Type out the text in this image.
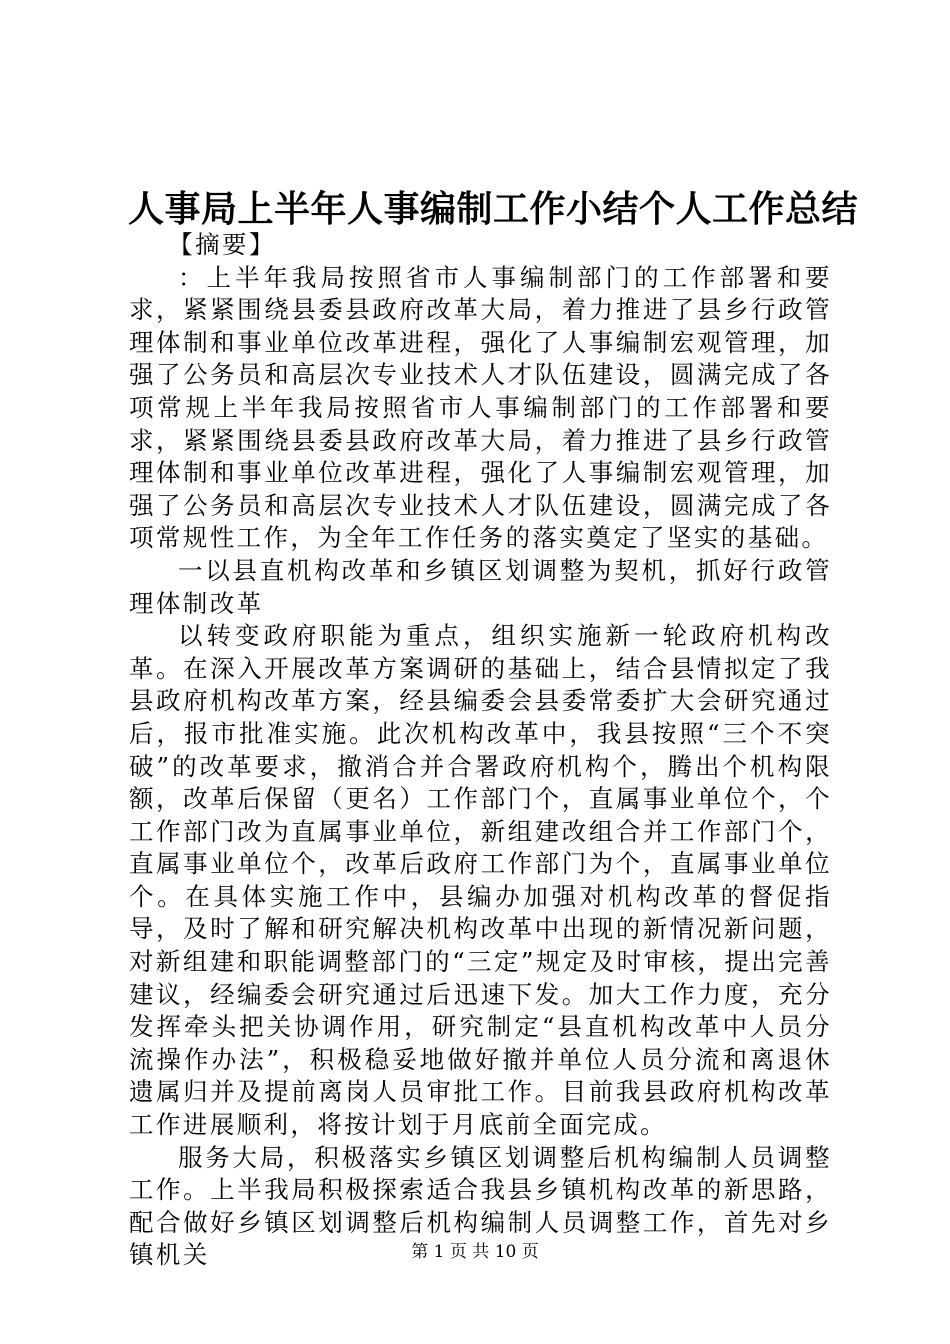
人事局上半年人事编制工作小结个人工作总结

【摘要】

：上半年我局按照省市人事编制部门的工作部署和要求，紧紧围绕县委县政府改革大局，着力推进了县乡行政管理体制和事业单位改革进程，强化了人事编制宏观管理，加强了公务员和高层次专业技术人才队伍建设，圆满完成了各项常规上半年我局按照省市人事编制部门的工作部署和要求，紧紧围绕县委县政府改革大局，着力推进了县乡行政管理体制和事业单位改革进程，强化了人事编制宏观管理，加强了公务员和高层次专业技术人才队伍建设，圆满完成了各项常规性工作，为全年工作任务的落实奠定了坚实的基础。

一以县直机构改革和乡镇区划调整为契机，抓好行政管理体制改革

以转变政府职能为重点，组织实施新一轮政府机构改革。在深入开展改革方案调研的基础上，结合县情拟定了我县政府机构改革方案，经县编委会县委常委扩大会研究通过后，报市批准实施。此次机构改革中，我县按照“三个不突破”的改革要求，撤消合并合署政府机构个，腾出个机构限额，改革后保留（更名）工作部门个，直属事业单位个，个工作部门改为直属事业单位，新组建改组合并工作部门个，直属事业单位个，改革后政府工作部门为个，直属事业单位个。在具体实施工作中，县编办加强对机构改革的督促指导，及时了解和研究解决机构改革中出现的新情况新问题，对新组建和职能调整部门的“三定”规定及时审核，提出完善建议，经编委会研究通过后迅速下发。加大工作力度，充分发挥牵头把关协调作用，研究制定“县直机构改革中人员分流操作办法”，积极稳妥地做好撤并单位人员分流和离退休遗属归并及提前离岗人员审批工作。目前我县政府机构改革工作进展顺利，将按计划于月底前全面完成。

服务大局，积极落实乡镇区划调整后机构编制人员调整工作。上半我局积极探索适合我县乡镇机构改革的新思路，配合做好乡镇区划调整后机构编制人员调整工作，首先对乡镇机关	第 1 页 共 10 页
